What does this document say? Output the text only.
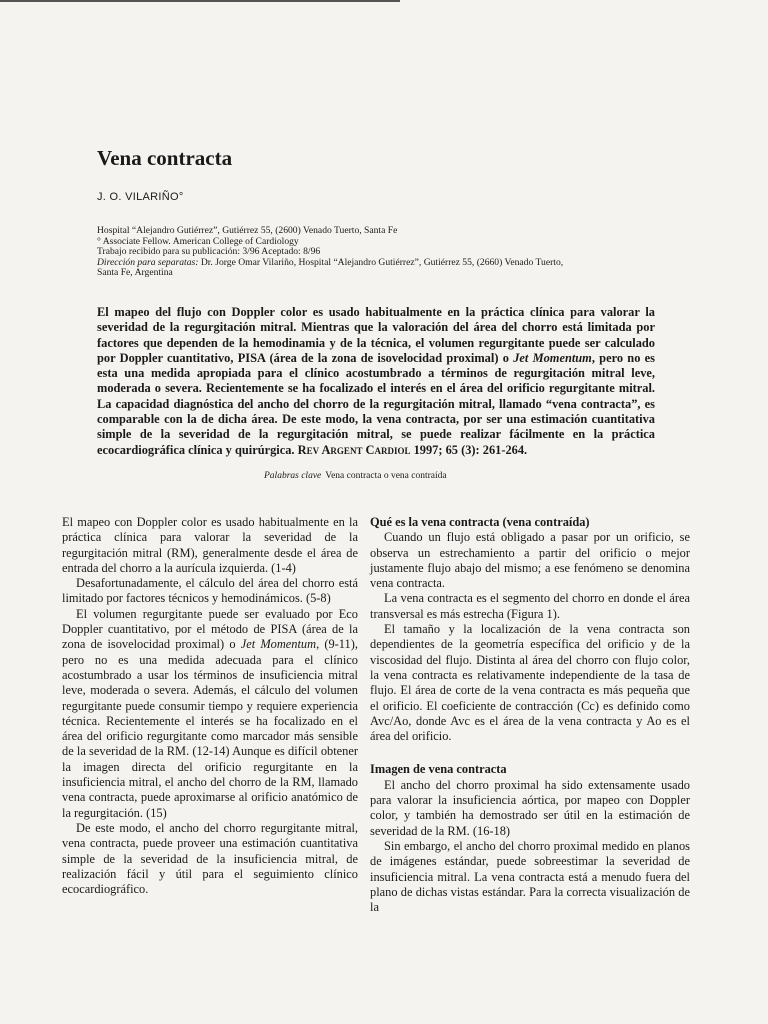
Vena contracta
J. O. VILARIÑO°
Hospital “Alejandro Gutiérrez”, Gutiérrez 55, (2600) Venado Tuerto, Santa Fe
° Associate Fellow. American College of Cardiology
Trabajo recibido para su publicación: 3/96 Aceptado: 8/96
Dirección para separatas: Dr. Jorge Omar Vilariño, Hospital “Alejandro Gutiérrez”, Gutiérrez 55, (2660) Venado Tuerto,
Santa Fe, Argentina
El mapeo del flujo con Doppler color es usado habitualmente en la práctica clínica para valorar la severidad de la regurgitación mitral. Mientras que la valoración del área del chorro está limitada por factores que dependen de la hemodinamia y de la técnica, el volumen regurgitante puede ser calculado por Doppler cuantitativo, PISA (área de la zona de isovelocidad proximal) o Jet Momentum, pero no es esta una medida apropiada para el clínico acostumbrado a términos de regurgitación mitral leve, moderada o severa. Recientemente se ha focalizado el interés en el área del orificio regurgitante mitral. La capacidad diagnóstica del ancho del chorro de la regurgitación mitral, llamado “vena contracta”, es comparable con la de dicha área. De este modo, la vena contracta, por ser una estimación cuantitativa simple de la severidad de la regurgitación mitral, se puede realizar fácilmente en la práctica ecocardiográfica clínica y quirúrgica. Rev Argent Cardiol 1997; 65 (3): 261-264.
Palabras clave Vena contracta o vena contraída

El mapeo con Doppler color es usado habitualmente en la práctica clínica para valorar la severidad de la regurgitación mitral (RM), generalmente desde el área de entrada del chorro a la aurícula izquierda. (1-4)

Desafortunadamente, el cálculo del área del chorro está limitado por factores técnicos y hemodinámicos. (5-8)

El volumen regurgitante puede ser evaluado por Eco Doppler cuantitativo, por el método de PISA (área de la zona de isovelocidad proximal) o Jet Momentum, (9-11), pero no es una medida adecuada para el clínico acostumbrado a usar los términos de insuficiencia mitral leve, moderada o severa. Además, el cálculo del volumen regurgitante puede consumir tiempo y requiere experiencia técnica. Recientemente el interés se ha focalizado en el área del orificio regurgitante como marcador más sensible de la severidad de la RM. (12-14) Aunque es difícil obtener la imagen directa del orificio regurgitante en la insuficiencia mitral, el ancho del chorro de la RM, llamado vena contracta, puede aproximarse al orificio anatómico de la regurgitación. (15)

De este modo, el ancho del chorro regurgitante mitral, vena contracta, puede proveer una estimación cuantitativa simple de la severidad de la insuficiencia mitral, de realización fácil y útil para el seguimiento clínico ecocardiográfico.

Qué es la vena contracta (vena contraída)

Cuando un flujo está obligado a pasar por un orificio, se observa un estrechamiento a partir del orificio o mejor justamente flujo abajo del mismo; a ese fenómeno se denomina vena contracta.

La vena contracta es el segmento del chorro en donde el área transversal es más estrecha (Figura 1).

El tamaño y la localización de la vena contracta son dependientes de la geometría específica del orificio y de la viscosidad del flujo. Distinta al área del chorro con flujo color, la vena contracta es relativamente independiente de la tasa de flujo. El área de corte de la vena contracta es más pequeña que el orificio. El coeficiente de contracción (Cc) es definido como Avc/Ao, donde Avc es el área de la vena contracta y Ao es el área del orificio.

Imagen de vena contracta

El ancho del chorro proximal ha sido extensamente usado para valorar la insuficiencia aórtica, por mapeo con Doppler color, y también ha demostrado ser útil en la estimación de severidad de la RM. (16-18)

Sin embargo, el ancho del chorro proximal medido en planos de imágenes estándar, puede sobreestimar la severidad de insuficiencia mitral. La vena contracta está a menudo fuera del plano de dichas vistas estándar. Para la correcta visualización de la
